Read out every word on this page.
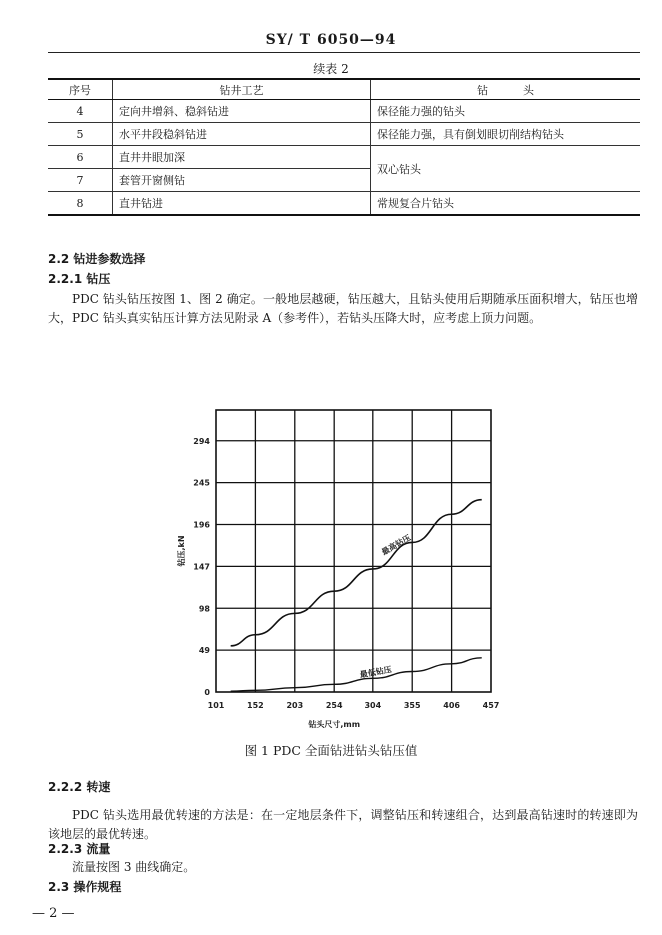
SY/ T 6050—94
续表 2
序号	钻井工艺	钻          头
4	定向井增斜、稳斜钻进	保径能力强的钻头
5	水平井段稳斜钻进	保径能力强，具有倒划眼切削结构钻头
6	直井井眼加深	双心钻头
7	套管开窗侧钻	
8	直井钻进	常规复合片钻头
2.2 钻进参数选择
2.2.1 钻压
PDC 钻头钻压按图 1、图 2 确定。一般地层越硬，钻压越大，且钻头使用后期随承压面积增大，钻压也增大，PDC 钻头真实钻压计算方法见附录 A（参考件），若钻头压降大时，应考虑上顶力问题。
0
49
98
147
196
245
294
101	152	203	254	304	355	406	457
最高钻压
最低钻压
钻压,kN
钻头尺寸,mm
图 1 PDC 全面钻进钻头钻压值
2.2.2 转速
PDC 钻头选用最优转速的方法是：在一定地层条件下，调整钻压和转速组合，达到最高钻速时的转速即为该地层的最优转速。
2.2.3 流量
流量按图 3 曲线确定。
2.3 操作规程
— 2 —
